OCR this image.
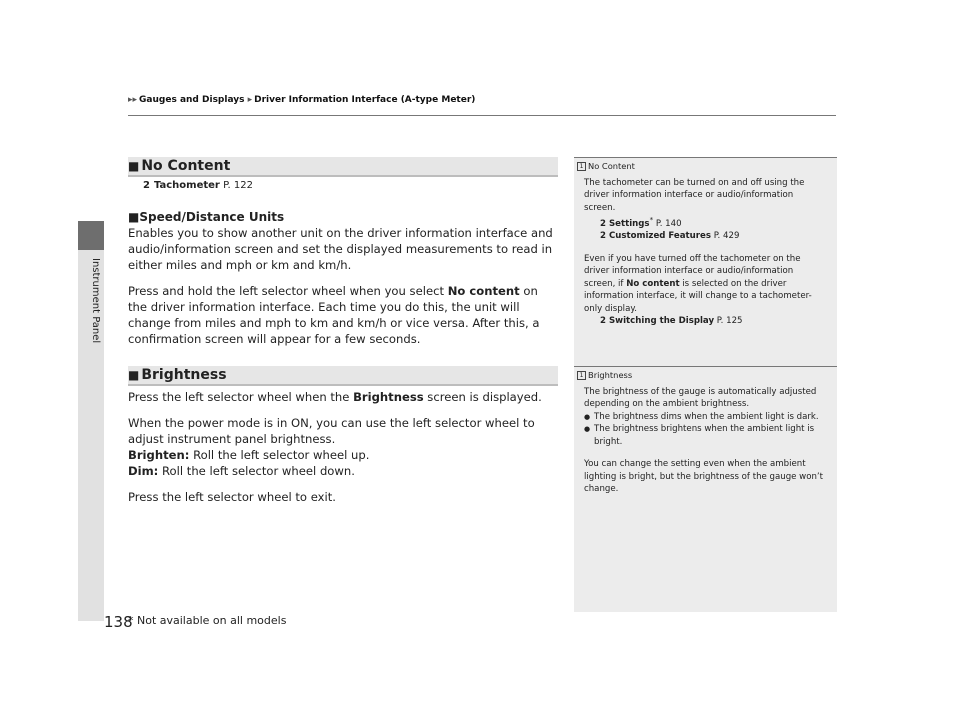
Instrument Panel
▸▸ Gauges and Displays ▸ Driver Information Interface (A-type Meter)
■ No Content
2 Tachometer P. 122
■Speed/Distance Units

Enables you to show another unit on the driver information interface and audio/information screen and set the displayed measurements to read in either miles and mph or km and km/h.

Press and hold the left selector wheel when you select No content on the driver information interface. Each time you do this, the unit will change from miles and mph to km and km/h or vice versa. After this, a confirmation screen will appear for a few seconds.

■ Brightness

Press the left selector wheel when the Brightness screen is displayed.

When the power mode is in ON, you can use the left selector wheel to adjust instrument panel brightness.

Brighten: Roll the left selector wheel up.
Dim: Roll the left selector wheel down.

Press the left selector wheel to exit.

1 No Content

The tachometer can be turned on and off using the driver information interface or audio/information screen.

2 Settings* P. 140
2 Customized Features P. 429

Even if you have turned off the tachometer on the driver information interface or audio/information screen, if No content is selected on the driver information interface, it will change to a tachometer-only display.

2 Switching the Display P. 125
1 Brightness

The brightness of the gauge is automatically adjusted depending on the ambient brightness.

● The brightness dims when the ambient light is dark.
● The brightness brightens when the ambient light is bright.

You can change the setting even when the ambient lighting is bright, but the brightness of the gauge won’t change.

138
* Not available on all models
